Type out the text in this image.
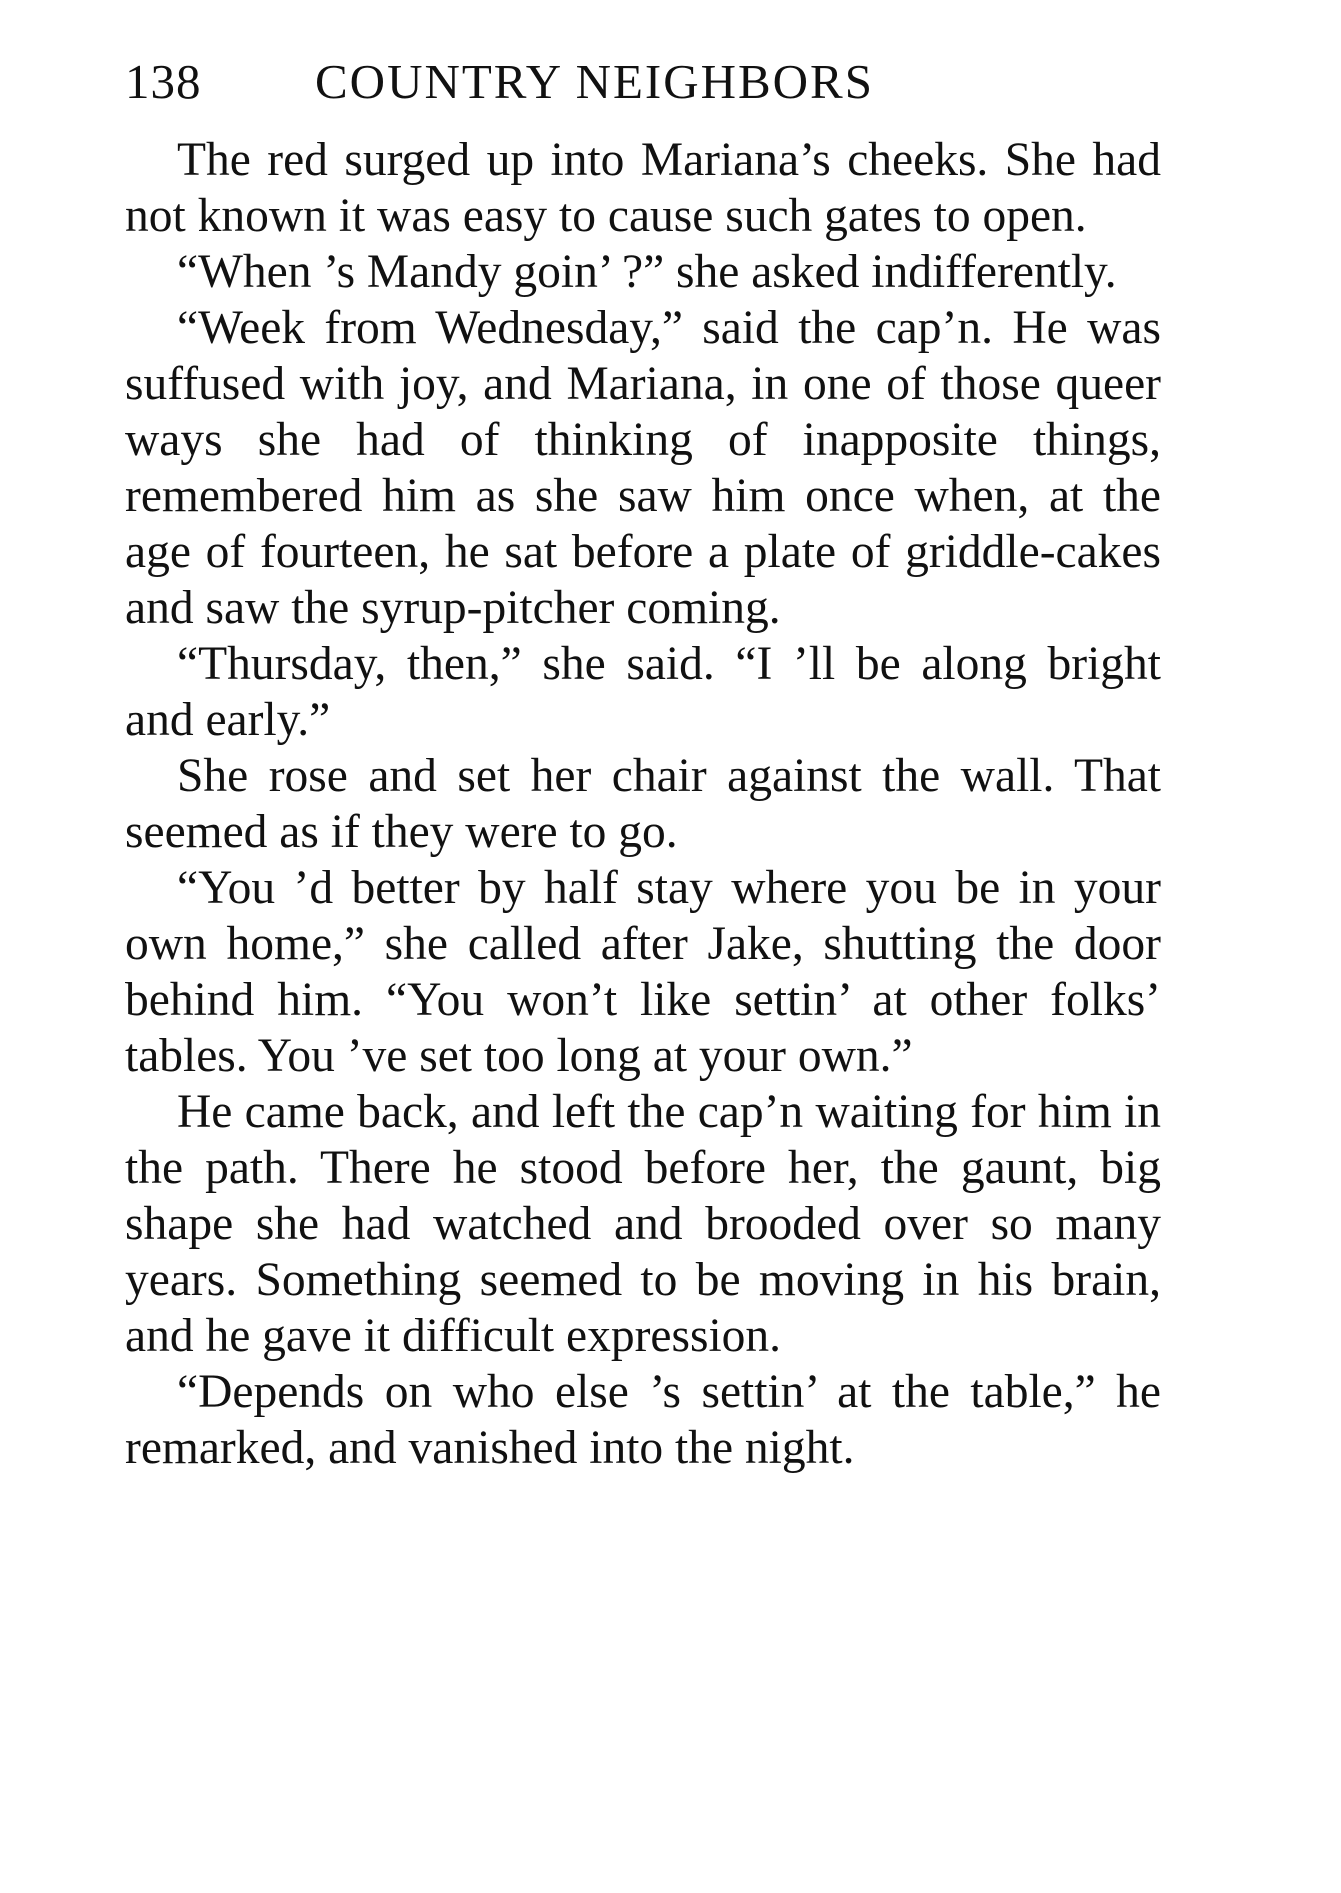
138	COUNTRY NEIGHBORS

The red surged up into Mariana’s cheeks. She had not known it was easy to cause such gates to open.

“When ’s Mandy goin’ ?” she asked indifferently.

“Week from Wednesday,” said the cap’n. He was suffused with joy, and Mariana, in one of those queer ways she had of thinking of inapposite things, remembered him as she saw him once when, at the age of fourteen, he sat before a plate of griddle-cakes and saw the syrup-pitcher coming.

“Thursday, then,” she said. “I ’ll be along bright and early.”

She rose and set her chair against the wall. That seemed as if they were to go.

“You ’d better by half stay where you be in your own home,” she called after Jake, shutting the door behind him. “You won’t like settin’ at other folks’ tables. You ’ve set too long at your own.”

He came back, and left the cap’n waiting for him in the path. There he stood before her, the gaunt, big shape she had watched and brooded over so many years. Something seemed to be moving in his brain, and he gave it difficult expression.

“Depends on who else ’s settin’ at the table,” he remarked, and vanished into the night.
